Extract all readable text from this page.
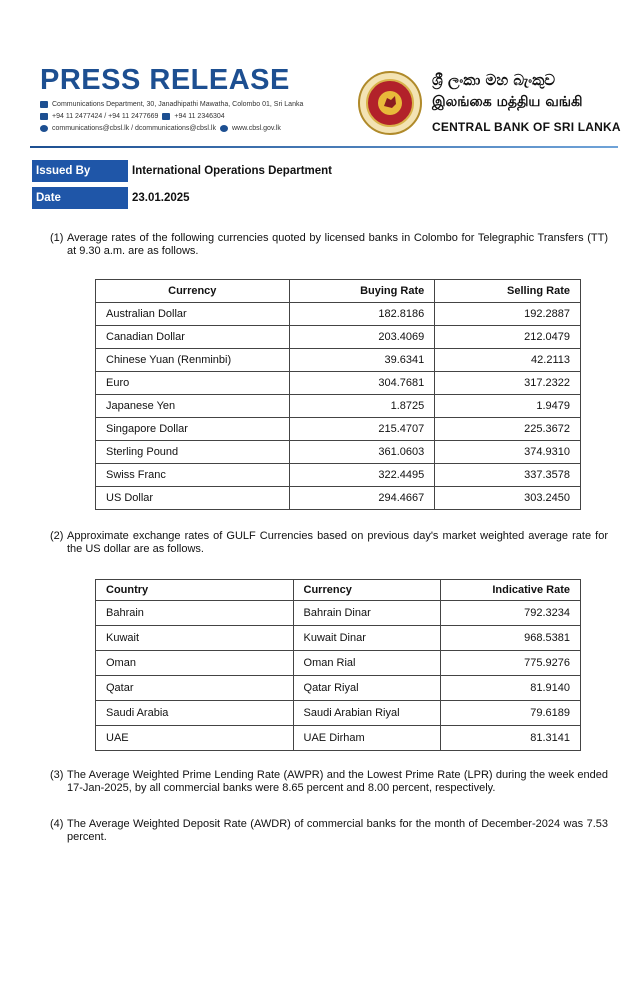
PRESS RELEASE
Communications Department, 30, Janadhipathi Mawatha, Colombo 01, Sri Lanka
+94 11 2477424 / +94 11 2477669 +94 11 2346304
communications@cbsl.lk / dcommunications@cbsl.lk www.cbsl.gov.lk
ශ්‍රී ලංකා මහ බැංකුව
இலங்கை மத்திய வங்கி
CENTRAL BANK OF SRI LANKA
Issued By	International Operations Department
Date	23.01.2025
(1) Average rates of the following currencies quoted by licensed banks in Colombo for Telegraphic Transfers (TT) at 9.30 a.m. are as follows.
Currency	Buying Rate	Selling Rate
Australian Dollar	182.8186	192.2887
Canadian Dollar	203.4069	212.0479
Chinese Yuan (Renminbi)	39.6341	42.2113
Euro	304.7681	317.2322
Japanese Yen	1.8725	1.9479
Singapore Dollar	215.4707	225.3672
Sterling Pound	361.0603	374.9310
Swiss Franc	322.4495	337.3578
US Dollar	294.4667	303.2450
(2) Approximate exchange rates of GULF Currencies based on previous day's market weighted average rate for the US dollar are as follows.
Country	Currency	Indicative Rate
Bahrain	Bahrain Dinar	792.3234
Kuwait	Kuwait Dinar	968.5381
Oman	Oman Rial	775.9276
Qatar	Qatar Riyal	81.9140
Saudi Arabia	Saudi Arabian Riyal	79.6189
UAE	UAE Dirham	81.3141
(3) The Average Weighted Prime Lending Rate (AWPR) and the Lowest Prime Rate (LPR) during the week ended 17-Jan-2025, by all commercial banks were 8.65 percent and 8.00 percent, respectively.
(4) The Average Weighted Deposit Rate (AWDR) of commercial banks for the month of December-2024 was 7.53 percent.
